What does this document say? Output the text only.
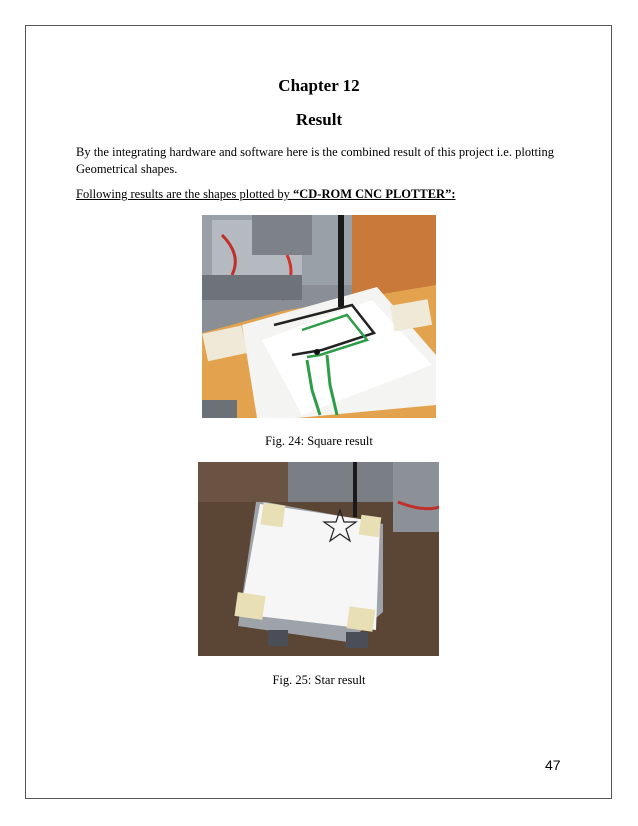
Chapter 12
Result
By the integrating hardware and software here is the combined result of this project i.e. plotting Geometrical shapes.
Following results are the shapes plotted by “CD-ROM CNC PLOTTER”:
Fig. 24: Square result
Fig. 25: Star result
47
